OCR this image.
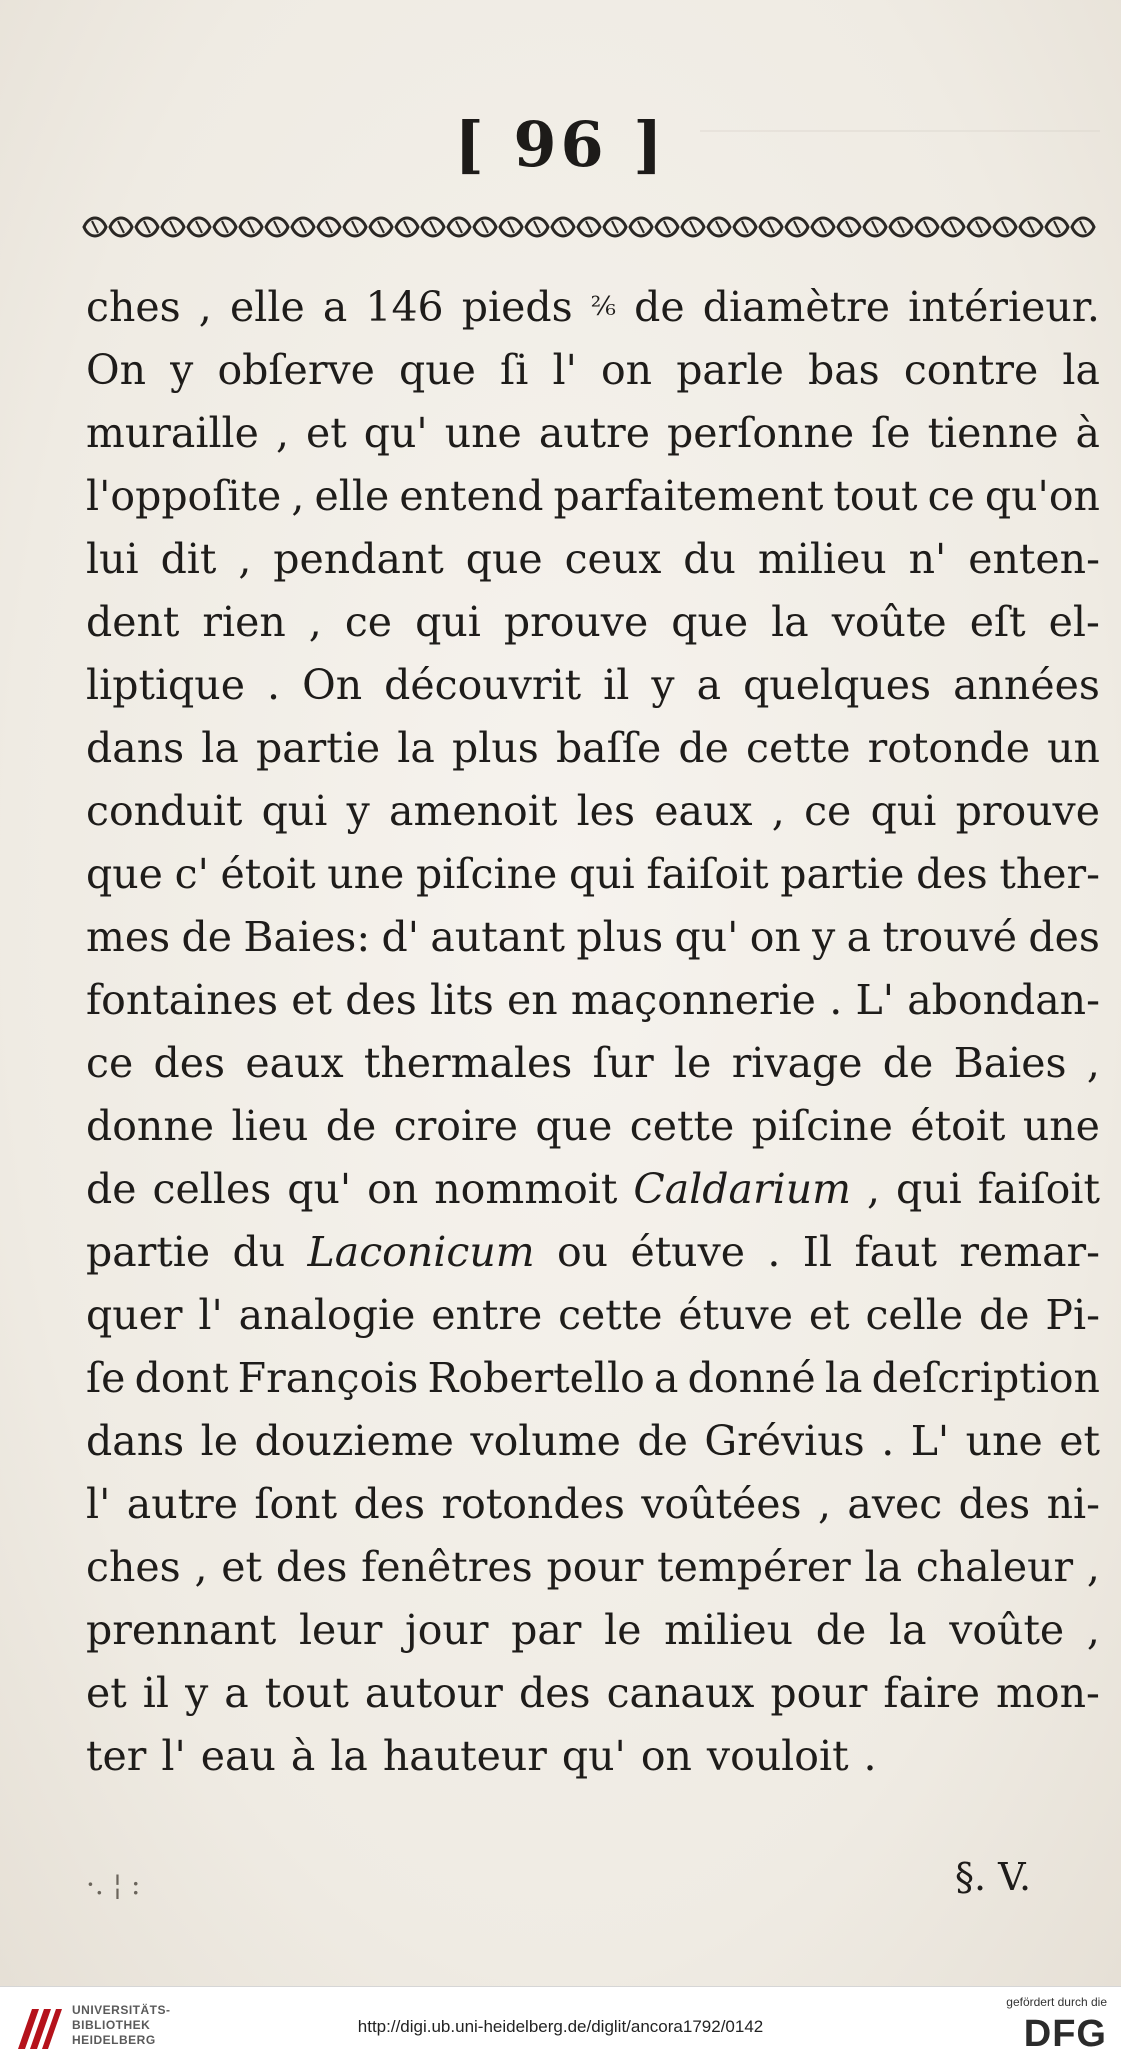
[ 96 ]
ches , elle a 146 pieds ²⁄₆ de diamètre intérieur.
On y obſerve que ſi l' on parle bas contre la
muraille , et qu' une autre perſonne ſe tienne à
l'oppoſite , elle entend parfaitement tout ce qu'on
lui dit , pendant que ceux du milieu n' enten-
dent rien , ce qui prouve que la voûte eſt el-
liptique . On découvrit il y a quelques années
dans la partie la plus baſſe de cette rotonde un
conduit qui y amenoit les eaux , ce qui prouve
que c' étoit une piſcine qui faiſoit partie des ther-
mes de Baies: d' autant plus qu' on y a trouvé des
fontaines et des lits en maçonnerie . L' abondan-
ce des eaux thermales ſur le rivage de Baies ,
donne lieu de croire que cette piſcine étoit une
de celles qu' on nommoit Caldarium , qui faiſoit
partie du Laconicum ou étuve . Il faut remar-
quer l' analogie entre cette étuve et celle de Pi-
ſe dont François Robertello a donné la deſcription
dans le douzieme volume de Grévius . L' une et
l' autre ſont des rotondes voûtées , avec des ni-
ches , et des fenêtres pour tempérer la chaleur ,
prennant leur jour par le milieu de la voûte ,
et il y a tout autour des canaux pour faire mon-
ter l' eau à la hauteur qu' on vouloit .
·. ¦ :	§. V.
UNIVERSITÄTS-
BIBLIOTHEK
HEIDELBERG
http://digi.ub.uni-heidelberg.de/diglit/ancora1792/0142
gefördert durch die
DFG
